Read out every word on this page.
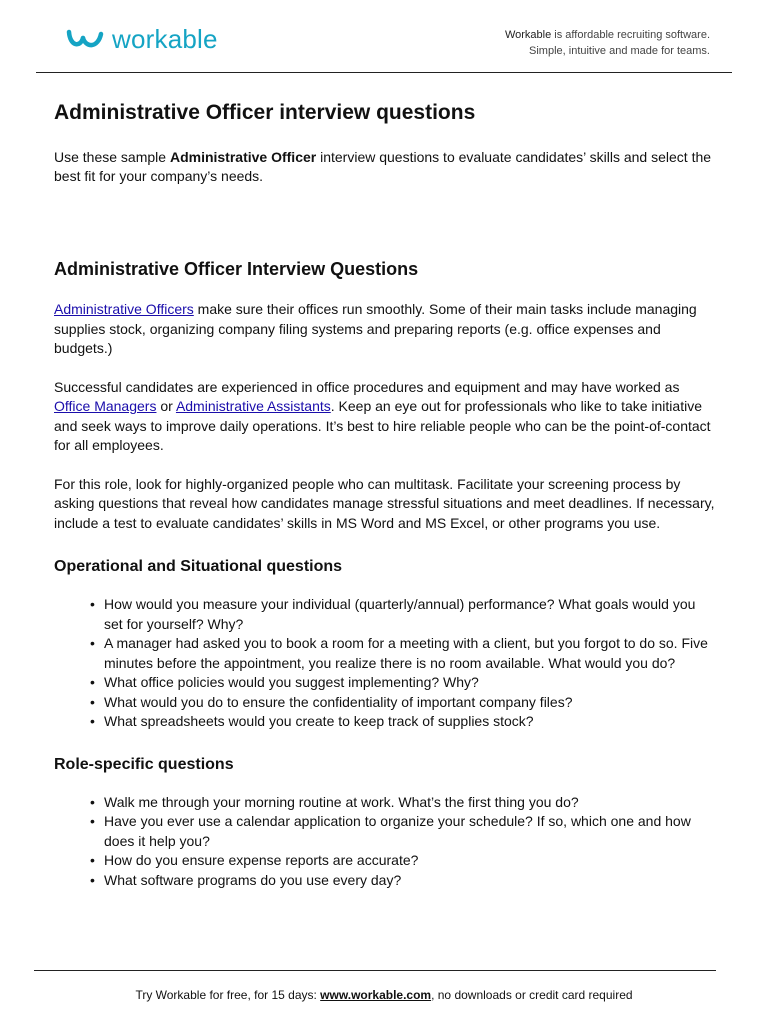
workable	Workable is affordable recruiting software.
Simple, intuitive and made for teams.
Administrative Officer interview questions

Use these sample Administrative Officer interview questions to evaluate candidates’ skills and select the best fit for your company’s needs.

Administrative Officer Interview Questions

Administrative Officers make sure their offices run smoothly. Some of their main tasks include managing supplies stock, organizing company filing systems and preparing reports (e.g. office expenses and budgets.)

Successful candidates are experienced in office procedures and equipment and may have worked as Office Managers or Administrative Assistants. Keep an eye out for professionals who like to take initiative and seek ways to improve daily operations. It’s best to hire reliable people who can be the point-of-contact for all employees.

For this role, look for highly-organized people who can multitask. Facilitate your screening process by asking questions that reveal how candidates manage stressful situations and meet deadlines. If necessary, include a test to evaluate candidates’ skills in MS Word and MS Excel, or other programs you use.

Operational and Situational questions
• How would you measure your individual (quarterly/annual) performance? What goals would you set for yourself? Why?
• A manager had asked you to book a room for a meeting with a client, but you forgot to do so. Five minutes before the appointment, you realize there is no room available. What would you do?
• What office policies would you suggest implementing? Why?
• What would you do to ensure the confidentiality of important company files?
• What spreadsheets would you create to keep track of supplies stock?
Role-specific questions
• Walk me through your morning routine at work. What’s the first thing you do?
• Have you ever use a calendar application to organize your schedule? If so, which one and how does it help you?
• How do you ensure expense reports are accurate?
• What software programs do you use every day?
Try Workable for free, for 15 days: www.workable.com, no downloads or credit card required
